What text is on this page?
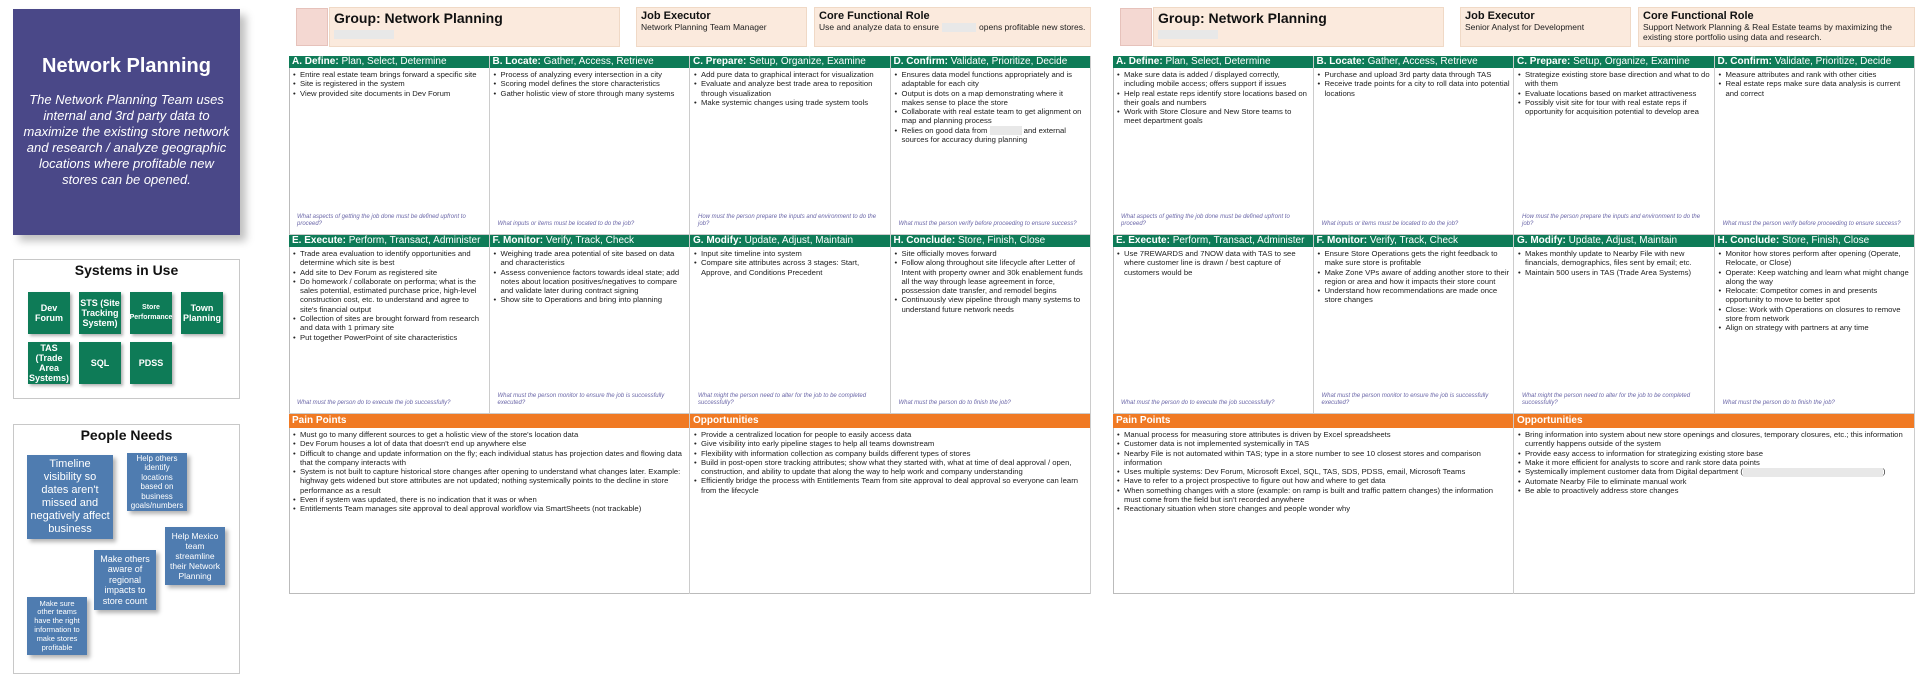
Network Planning
The Network Planning Team uses internal and 3rd party data to maximize the existing store network and research / analyze geographic locations where profitable new stores can be opened.
Systems in Use
Dev Forum
STS (Site Tracking System)
Store Performance
Town Planning
TAS (Trade Area Systems)
SQL	PDSS
People Needs
Timeline visibility so dates aren't missed and negatively affect business
Help others identify locations based on business goals/numbers
Help Mexico team streamline their Network Planning
Make others aware of regional impacts to store count
Make sure other teams have the right information to make stores profitable
Group: Network Planning	Job Executor
Network Planning Team Manager
Core Functional Role
Use and analyze data to ensure	opens profitable new stores.
A. Define: Plan, Select, Determine
• Entire real estate team brings forward a specific site
• Site is registered in the system
• View provided site documents in Dev Forum
What aspects of getting the job done must be defined upfront to proceed?
B. Locate: Gather, Access, Retrieve
• Process of analyzing every intersection in a city
• Scoring model defines the store characteristics
• Gather holistic view of store through many systems
What inputs or items must be located to do the job?
C. Prepare: Setup, Organize, Examine
• Add pure data to graphical interact for visualization
• Evaluate and analyze best trade area to reposition through visualization
• Make systemic changes using trade system tools
How must the person prepare the inputs and environment to do the job?
D. Confirm: Validate, Prioritize, Decide
• Ensures data model functions appropriately and is adaptable for each city
• Output is dots on a map demonstrating where it makes sense to place the store
• Collaborate with real estate team to get alignment on map and planning process
• Relies on good data from	and external sources for accuracy during planning
What must the person verify before proceeding to ensure success?
E. Execute: Perform, Transact, Administer
• Trade area evaluation to identify opportunities and determine which site is best
• Add site to Dev Forum as registered site
• Do homework / collaborate on performa; what is the sales potential, estimated purchase price, high-level construction cost, etc. to understand and agree to site's financial output
• Collection of sites are brought forward from research and data with 1 primary site
• Put together PowerPoint of site characteristics
What must the person do to execute the job successfully?
F. Monitor: Verify, Track, Check
• Weighing trade area potential of site based on data and characteristics
• Assess convenience factors towards ideal state; add notes about location positives/negatives to compare and validate later during contract signing
• Show site to Operations and bring into planning
What must the person monitor to ensure the job is successfully executed?
G. Modify: Update, Adjust, Maintain
• Input site timeline into system
• Compare site attributes across 3 stages: Start, Approve, and Conditions Precedent
What might the person need to alter for the job to be completed successfully?
H. Conclude: Store, Finish, Close
• Site officially moves forward
• Follow along throughout site lifecycle after Letter of Intent with property owner and 30k enablement funds all the way through lease agreement in force, possession date transfer, and remodel begins
• Continuously view pipeline through many systems to understand future network needs
What must the person do to finish the job?
Pain Points
• Must go to many different sources to get a holistic view of the store's location data
• Dev Forum houses a lot of data that doesn't end up anywhere else
• Difficult to change and update information on the fly; each individual status has projection dates and flowing data that the company interacts with
• System is not built to capture historical store changes after opening to understand what changes later. Example: highway gets widened but store attributes are not updated; nothing systemically points to the decline in store performance as a result
• Even if system was updated, there is no indication that it was or when
• Entitlements Team manages site approval to deal approval workflow via SmartSheets (not trackable)
Opportunities
• Provide a centralized location for people to easily access data
• Give visibility into early pipeline stages to help all teams downstream
• Flexibility with information collection as company builds different types of stores
• Build in post-open store tracking attributes; show what they started with, what at time of deal approval / open, construction, and ability to update that along the way to help work and company understanding
• Efficiently bridge the process with Entitlements Team from site approval to deal approval so everyone can learn from the lifecycle
Group: Network Planning	Job Executor
Senior Analyst for Development
Core Functional Role
Support Network Planning & Real Estate teams by maximizing the existing store portfolio using data and research.
A. Define: Plan, Select, Determine
• Make sure data is added / displayed correctly, including mobile access; offers support if issues
• Help real estate reps identify store locations based on their goals and numbers
• Work with Store Closure and New Store teams to meet department goals
What aspects of getting the job done must be defined upfront to proceed?
B. Locate: Gather, Access, Retrieve
• Purchase and upload 3rd party data through TAS
• Receive trade points for a city to roll data into potential locations
What inputs or items must be located to do the job?
C. Prepare: Setup, Organize, Examine
• Strategize existing store base direction and what to do with them
• Evaluate locations based on market attractiveness
• Possibly visit site for tour with real estate reps if opportunity for acquisition potential to develop area
How must the person prepare the inputs and environment to do the job?
D. Confirm: Validate, Prioritize, Decide
• Measure attributes and rank with other cities
• Real estate reps make sure data analysis is current and correct
What must the person verify before proceeding to ensure success?
E. Execute: Perform, Transact, Administer
• Use 7REWARDS and 7NOW data with TAS to see where customer line is drawn / best capture of customers would be
What must the person do to execute the job successfully?
F. Monitor: Verify, Track, Check
• Ensure Store Operations gets the right feedback to make sure store is profitable
• Make Zone VPs aware of adding another store to their region or area and how it impacts their store count
• Understand how recommendations are made once store changes
What must the person monitor to ensure the job is successfully executed?
G. Modify: Update, Adjust, Maintain
• Makes monthly update to Nearby File with new financials, demographics, files sent by email; etc.
• Maintain 500 users in TAS (Trade Area Systems)
What might the person need to alter for the job to be completed successfully?
H. Conclude: Store, Finish, Close
• Monitor how stores perform after opening (Operate, Relocate, or Close)
• Operate: Keep watching and learn what might change along the way
• Relocate: Competitor comes in and presents opportunity to move to better spot
• Close: Work with Operations on closures to remove store from network
• Align on strategy with partners at any time
What must the person do to finish the job?
Pain Points
• Manual process for measuring store attributes is driven by Excel spreadsheets
• Customer data is not implemented systemically in TAS
• Nearby File is not automated within TAS; type in a store number to see 10 closest stores and comparison information
• Uses multiple systems: Dev Forum, Microsoft Excel, SQL, TAS, SDS, PDSS, email, Microsoft Teams
• Have to refer to a project prospective to figure out how and where to get data
• When something changes with a store (example: on ramp is built and traffic pattern changes) the information must come from the field but isn't recorded anywhere
• Reactionary situation when store changes and people wonder why
Opportunities
• Bring information into system about new store openings and closures, temporary closures, etc.; this information currently happens outside of the system
• Provide easy access to information for strategizing existing store base
• Make it more efficient for analysts to score and rank store data points
• Systemically implement customer data from Digital department (	)
• Automate Nearby File to eliminate manual work
• Be able to proactively address store changes
